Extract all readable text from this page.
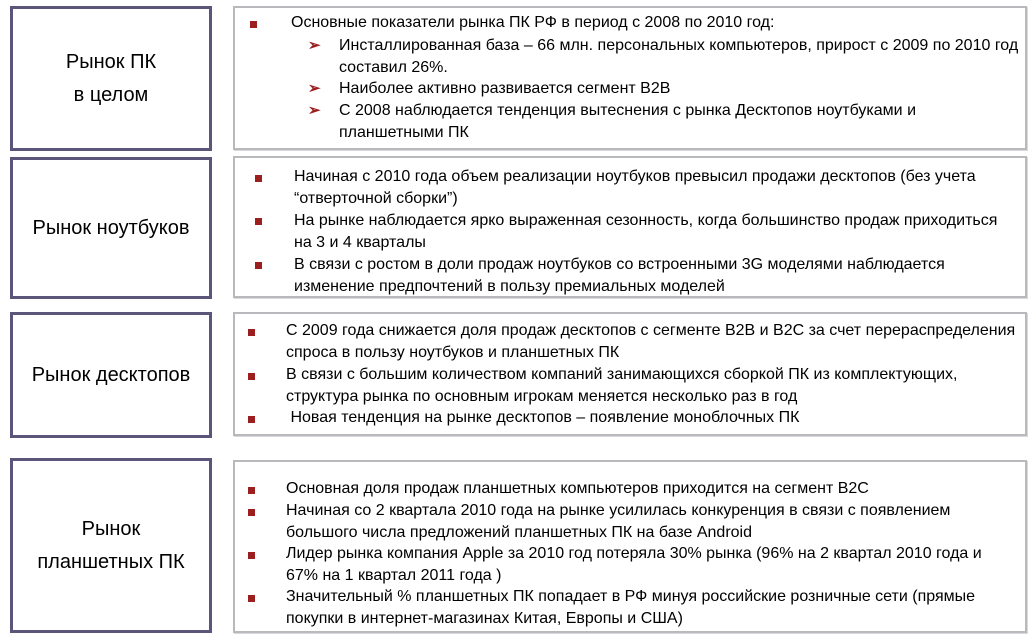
Рынок ПК
в целом
Основные показатели рынка ПК РФ в период с 2008 по 2010 год:
➢ Инсталлированная база – 66 млн. персональных компьютеров, прирост с 2009 по 2010 год составил 26%.
➢ Наиболее активно развивается сегмент B2B
➢ С 2008 наблюдается тенденция вытеснения с рынка Десктопов ноутбуками и планшетными ПК
Рынок ноутбуков
Начиная с 2010 года объем реализации ноутбуков превысил продажи десктопов (без учета “отверточной сборки”)
На рынке наблюдается ярко выраженная сезонность, когда большинство продаж приходиться на 3 и 4 кварталы
В связи с ростом в доли продаж ноутбуков со встроенными 3G моделями наблюдается изменение предпочтений в пользу премиальных моделей
Рынок десктопов
С 2009 года снижается доля продаж десктопов с сегменте B2B и B2C за счет перераспределения спроса в пользу ноутбуков и планшетных ПК
В связи с большим количеством компаний занимающихся сборкой ПК из комплектующих, структура рынка по основным игрокам меняется несколько раз в год
Новая тенденция на рынке десктопов – появление моноблочных ПК
Рынок
планшетных ПК
Основная доля продаж планшетных компьютеров приходится на сегмент B2C
Начиная со 2 квартала 2010 года на рынке усилилась конкуренция в связи с появлением большого числа предложений планшетных ПК на базе Android
Лидер рынка компания Apple за 2010 год потеряла 30% рынка (96% на 2 квартал 2010 года и 67% на 1 квартал 2011 года )
Значительный % планшетных ПК попадает в РФ минуя российские розничные сети (прямые покупки в интернет-магазинах Китая, Европы и США)
